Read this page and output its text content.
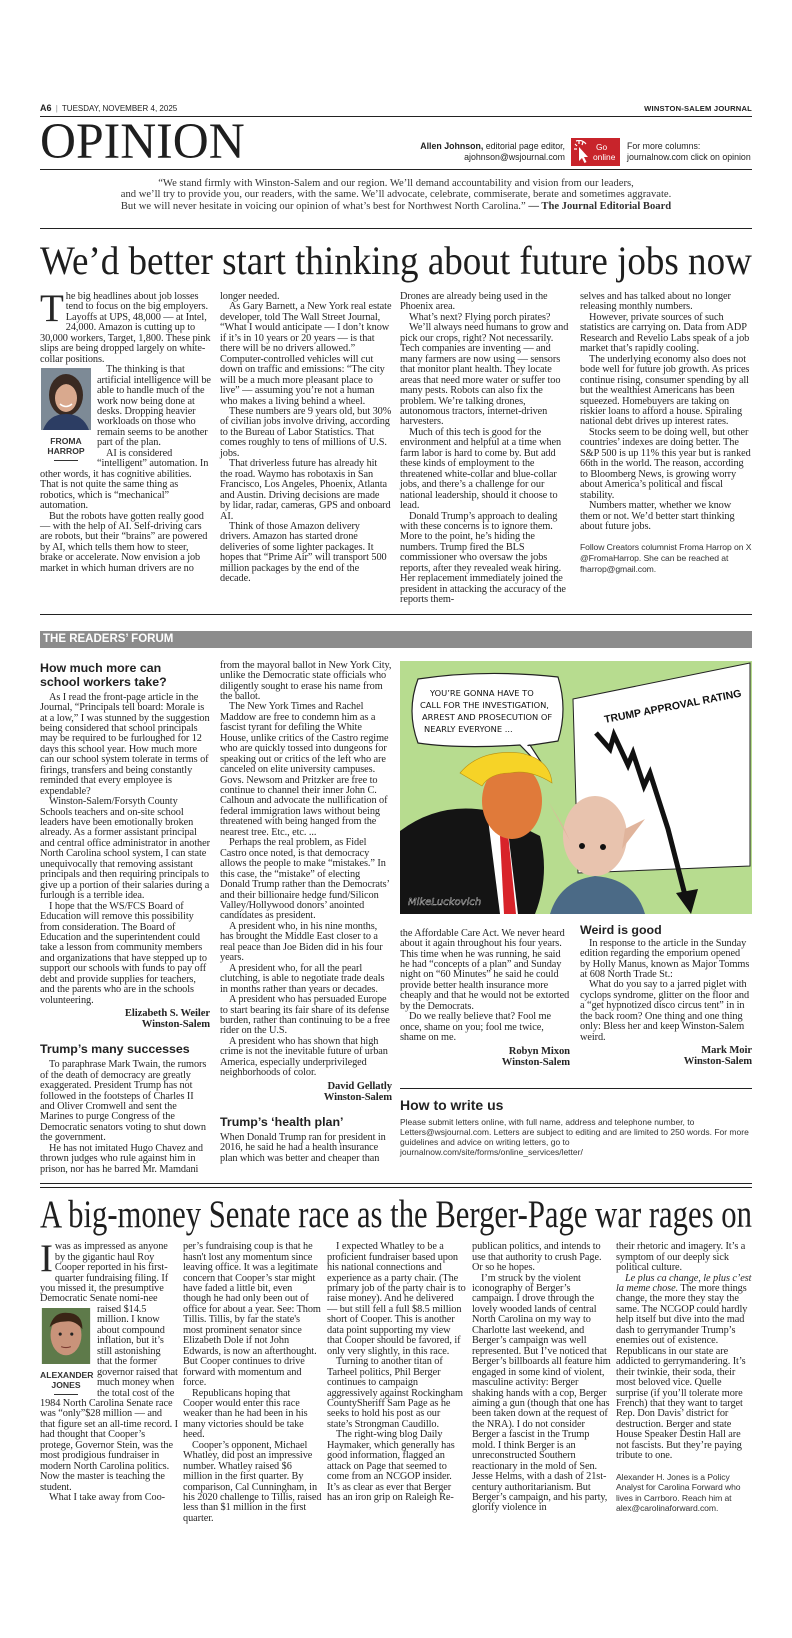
A6 | TUESDAY, NOVEMBER 4, 2025	WINSTON-SALEM JOURNAL
OPINION	Allen Johnson, editorial page editor,
ajohnson@wsjournal.com
Go
online
For more columns:
journalnow.com click on opinion
“We stand firmly with Winston-Salem and our region. We’ll demand accountability and vision from our leaders,
and we’ll try to provide you, our readers, with the same. We’ll advocate, celebrate, commiserate, berate and sometimes aggravate.
But we will never hesitate in voicing our opinion of what’s best for Northwest North Carolina.” — The Journal Editorial Board
We’d better start thinking about future jobs now

The big headlines about job losses tend to focus on the big employers. Layoffs at UPS, 48,000 — at Intel, 24,000. Amazon is cutting up to 30,000 workers, Target, 1,800. These pink slips are being dropped largely on white-collar positions.

FROMA
HARROP

The thinking is that artificial intelligence will be able to handle much of the work now being done at desks. Dropping heavier workloads on those who remain seems to be another part of the plan.

AI is considered “intelligent” automation. In other words, it has cognitive abilities. That is not quite the same thing as robotics, which is “mechanical” automation.

But the robots have gotten really good — with the help of AI. Self-driving cars are robots, but their “brains” are powered by AI, which tells them how to steer, brake or accelerate. Now envision a job market in which human drivers are no

longer needed.

As Gary Barnett, a New York real estate developer, told The Wall Street Journal, “What I would anticipate — I don’t know if it’s in 10 years or 20 years — is that there will be no drivers allowed.” Computer-controlled vehicles will cut down on traffic and emissions: “The city will be a much more pleasant place to live” — assuming you’re not a human who makes a living behind a wheel.

These numbers are 9 years old, but 30% of civilian jobs involve driving, according to the Bureau of Labor Statistics. That comes roughly to tens of millions of U.S. jobs.

That driverless future has already hit the road. Waymo has robotaxis in San Francisco, Los Angeles, Phoenix, Atlanta and Austin. Driving decisions are made by lidar, radar, cameras, GPS and onboard AI.

Think of those Amazon delivery drivers. Amazon has started drone deliveries of some lighter packages. It hopes that “Prime Air” will transport 500 million packages by the end of the decade.

Drones are already being used in the Phoenix area.

What’s next? Flying porch pirates?

We’ll always need humans to grow and pick our crops, right? Not necessarily. Tech companies are inventing — and many farmers are now using — sensors that monitor plant health. They locate areas that need more water or suffer too many pests. Robots can also fix the problem. We’re talking drones, autonomous tractors, internet-driven harvesters.

Much of this tech is good for the environment and helpful at a time when farm labor is hard to come by. But add these kinds of employment to the threatened white-collar and blue-collar jobs, and there’s a challenge for our national leadership, should it choose to lead.

Donald Trump’s approach to dealing with these concerns is to ignore them. More to the point, he’s hiding the numbers. Trump fired the BLS commissioner who oversaw the jobs reports, after they revealed weak hiring. Her replacement immediately joined the president in attacking the accuracy of the reports them-

selves and has talked about no longer releasing monthly numbers.

However, private sources of such statistics are carrying on. Data from ADP Research and Revelio Labs speak of a job market that’s rapidly cooling.

The underlying economy also does not bode well for future job growth. As prices continue rising, consumer spending by all but the wealthiest Americans has been squeezed. Homebuyers are taking on riskier loans to afford a house. Spiraling national debt drives up interest rates.

Stocks seem to be doing well, but other countries’ indexes are doing better. The S&P 500 is up 11% this year but is ranked 66th in the world. The reason, according to Bloomberg News, is growing worry about America’s political and fiscal stability.

Numbers matter, whether we know them or not. We’d better start thinking about future jobs.

Follow Creators columnist Froma Harrop on X @FromaHarrop. She can be reached at fharrop@gmail.com.

THE READERS’ FORUM
How much more can school workers take?

As I read the front-page article in the Journal, “Principals tell board: Morale is at a low,” I was stunned by the suggestion being considered that school principals may be required to be furloughed for 12 days this school year. How much more can our school system tolerate in terms of firings, transfers and being constantly reminded that every employee is expendable?

Winston-Salem/Forsyth County Schools teachers and on-site school leaders have been emotionally broken already. As a former assistant principal and central office administrator in another North Carolina school system, I can state unequivocally that removing assistant principals and then requiring principals to give up a portion of their salaries during a furlough is a terrible idea.

I hope that the WS/FCS Board of Education will remove this possibility from consideration. The Board of Education and the superintendent could take a lesson from community members and organizations that have stepped up to support our schools with funds to pay off debt and provide supplies for teachers, and the parents who are in the schools volunteering.

Elizabeth S. Weiler
Winston-Salem
Trump’s many successes

To paraphrase Mark Twain, the rumors of the death of democracy are greatly exaggerated. President Trump has not followed in the footsteps of Charles II and Oliver Cromwell and sent the Marines to purge Congress of the Democratic senators voting to shut down the government.

He has not imitated Hugo Chavez and thrown judges who rule against him in prison, nor has he barred Mr. Mamdani

from the mayoral ballot in New York City, unlike the Democratic state officials who diligently sought to erase his name from the ballot.

The New York Times and Rachel Maddow are free to condemn him as a fascist tyrant for defiling the White House, unlike critics of the Castro regime who are quickly tossed into dungeons for speaking out or critics of the left who are canceled on elite university campuses. Govs. Newsom and Pritzker are free to continue to channel their inner John C. Calhoun and advocate the nullification of federal immigration laws without being threatened with being hanged from the nearest tree. Etc., etc. ...

Perhaps the real problem, as Fidel Castro once noted, is that democracy allows the people to make “mistakes.” In this case, the “mistake” of electing Donald Trump rather than the Democrats’ and their billionaire hedge fund/Silicon Valley/Hollywood donors’ anointed candidates as president.

A president who, in his nine months, has brought the Middle East closer to a real peace than Joe Biden did in his four years.

A president who, for all the pearl clutching, is able to negotiate trade deals in months rather than years or decades.

A president who has persuaded Europe to start bearing its fair share of its defense burden, rather than continuing to be a free rider on the U.S.

A president who has shown that high crime is not the inevitable future of urban America, especially underprivileged neighborhoods of color.

David Gellatly
Winston-Salem
Trump’s ‘health plan’

When Donald Trump ran for president in 2016, he said he had a health insurance plan which was better and cheaper than

TRUMP APPROVAL RATING
YOU’RE GONNA HAVE TO
CALL FOR THE INVESTIGATION,
ARREST AND PROSECUTION OF
NEARLY EVERYONE ...
MikeLuckovich

the Affordable Care Act. We never heard about it again throughout his four years. This time when he was running, he said he had “concepts of a plan” and Sunday night on “60 Minutes” he said he could provide better health insurance more cheaply and that he would not be extorted by the Democrats.

Do we really believe that? Fool me once, shame on you; fool me twice, shame on me.

Robyn Mixon
Winston-Salem
Weird is good

In response to the article in the Sunday edition regarding the emporium opened by Holly Manus, known as Major Tomms at 608 North Trade St.:

What do you say to a jarred piglet with cyclops syndrome, glitter on the floor and a “get hypnotized disco circus tent” in in the back room? One thing and one thing only: Bless her and keep Winston-Salem weird.

Mark Moir
Winston-Salem
How to write us
Please submit letters online, with full name, address and telephone number, to Letters@wsjournal.com. Letters are subject to editing and are limited to 250 words. For more guidelines and advice on writing letters, go to journalnow.com/site/forms/online_services/letter/
A big-money Senate race as the Berger-Page war rages on

Iwas as impressed as anyone by the gigantic haul Roy Cooper reported in his first-quarter fundraising filing. If you missed it, the presumptive Democratic Senate nomi-
ALEXANDER
JONES
nee raised $14.5 million. I know about compound inflation, but it’s still astonishing that the former governor raised that much money when the total cost of the 1984 North Carolina Senate race was “only”$28 million — and that figure set an all-time record. I had thought that Cooper’s protege, Governor Stein, was the most prodigious fundraiser in modern North Carolina politics. Now the master is teaching the student.

What I take away from Coo-

per’s fundraising coup is that he hasn't lost any momentum since leaving office. It was a legitimate concern that Cooper’s star might have faded a little bit, even though he had only been out of office for about a year. See: Thom Tillis. Tillis, by far the state's most prominent senator since Elizabeth Dole if not John Edwards, is now an afterthought. But Cooper continues to drive forward with momentum and force.

Republicans hoping that Cooper would enter this race weaker than he had been in his many victories should be take heed.

Cooper’s opponent, Michael Whatley, did post an impressive number. Whatley raised $6 million in the first quarter. By comparison, Cal Cunningham, in his 2020 challenge to Tillis, raised less than $1 million in the first quarter.

I expected Whatley to be a proficient fundraiser based upon his national connections and experience as a party chair. (The primary job of the party chair is to raise money). And he delivered — but still fell a full $8.5 million short of Cooper. This is another data point supporting my view that Cooper should be favored, if only very slightly, in this race.

Turning to another titan of Tarheel politics, Phil Berger continues to campaign aggressively against Rockingham CountySheriff Sam Page as he seeks to hold his post as our state’s Strongman Caudillo.

The right-wing blog Daily Haymaker, which generally has good information, flagged an attack on Page that seemed to come from an NCGOP insider. It’s as clear as ever that Berger has an iron grip on Raleigh Re-

publican politics, and intends to use that authority to crush Page. Or so he hopes.

I’m struck by the violent iconography of Berger’s campaign. I drove through the lovely wooded lands of central North Carolina on my way to Charlotte last weekend, and Berger’s campaign was well represented. But I’ve noticed that Berger’s billboards all feature him engaged in some kind of violent, masculine activity: Berger shaking hands with a cop, Berger aiming a gun (though that one has been taken down at the request of the NRA). I do not consider Berger a fascist in the Trump mold. I think Berger is an unreconstructed Southern reactionary in the mold of Sen. Jesse Helms, with a dash of 21st-century authoritarianism. But Berger’s campaign, and his party, glorify violence in

their rhetoric and imagery. It’s a symptom of our deeply sick political culture.

Le plus ca change, le plus c’est la meme chose. The more things change, the more they stay the same. The NCGOP could hardly help itself but dive into the mad dash to gerrymander Trump’s enemies out of existence. Republicans in our state are addicted to gerrymandering. It’s their twinkie, their soda, their most beloved vice. Quelle surprise (if you’ll tolerate more French) that they want to target Rep. Don Davis’ district for destruction. Berger and state House Speaker Destin Hall are not fascists. But they’re paying tribute to one.

Alexander H. Jones is a Policy Analyst for Carolina Forward who lives in Carrboro. Reach him at alex@carolinaforward.com.
